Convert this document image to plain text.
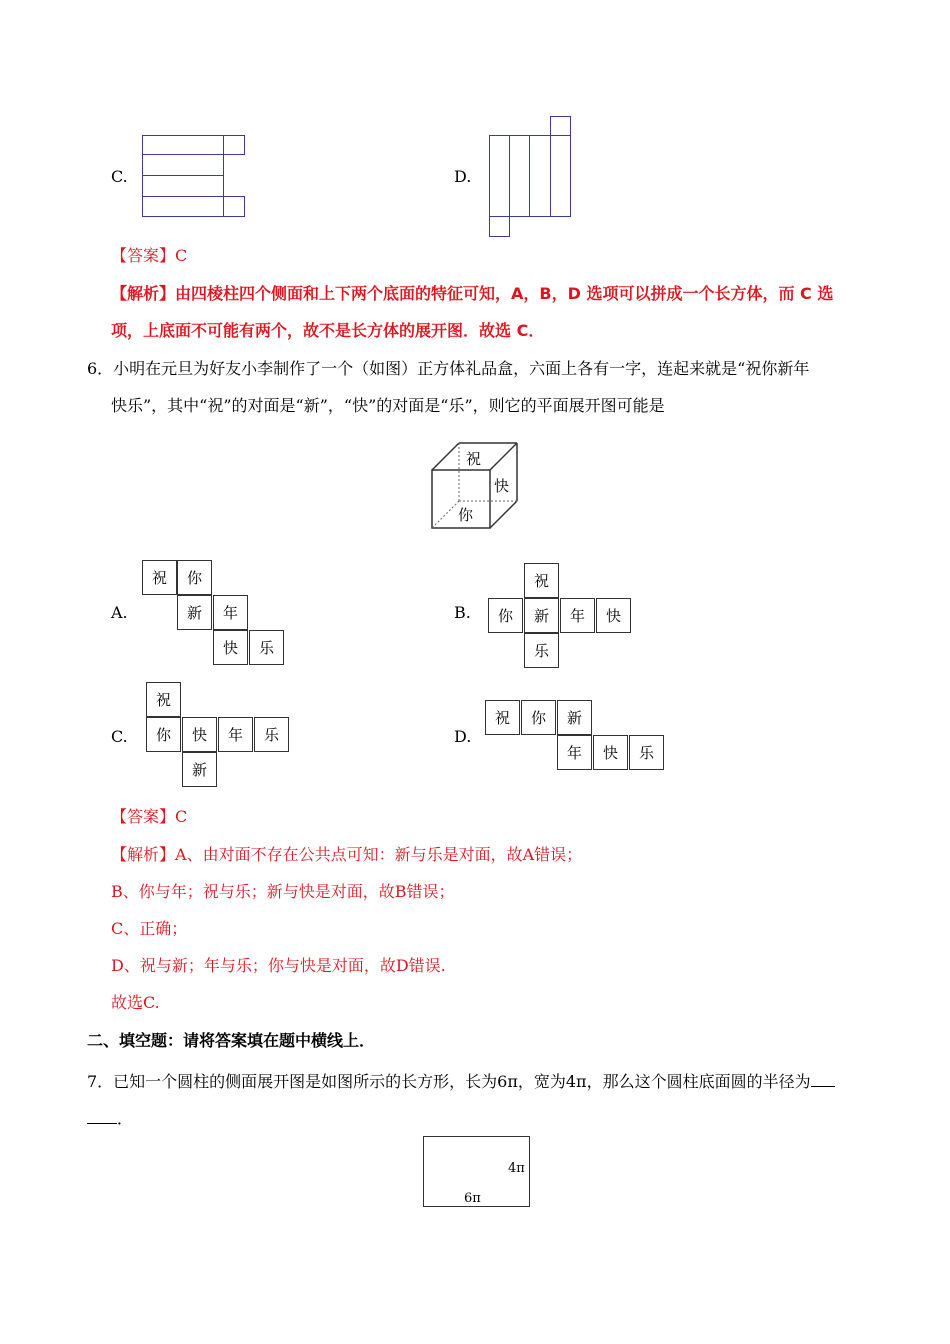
C.	D.
【答案】C
【解析】由四棱柱四个侧面和上下两个底面的特征可知，A，B，D 选项可以拼成一个长方体，而 C 选
项，上底面不可能有两个，故不是长方体的展开图．故选 C．
6．小明在元旦为好友小李制作了一个（如图）正方体礼品盒，六面上各有一字，连起来就是“祝你新年
快乐”，其中“祝”的对面是“新”，“快”的对面是“乐”，则它的平面展开图可能是
祝
快
你
A.
祝	你
新	年
快	乐
B.
祝
你	新	年	快
乐
C.
祝
你	快	年	乐
新
D.
祝	你	新
年	快	乐
【答案】C
【解析】A、由对面不存在公共点可知：新与乐是对面，故A错误；
B、你与年；祝与乐；新与快是对面，故B错误；
C、正确；
D、祝与新；年与乐；你与快是对面，故D错误.
故选C.
二、填空题：请将答案填在题中横线上．
7．已知一个圆柱的侧面展开图是如图所示的长方形，长为6π，宽为4π，那么这个圆柱底面圆的半径为
．
4π
6π
